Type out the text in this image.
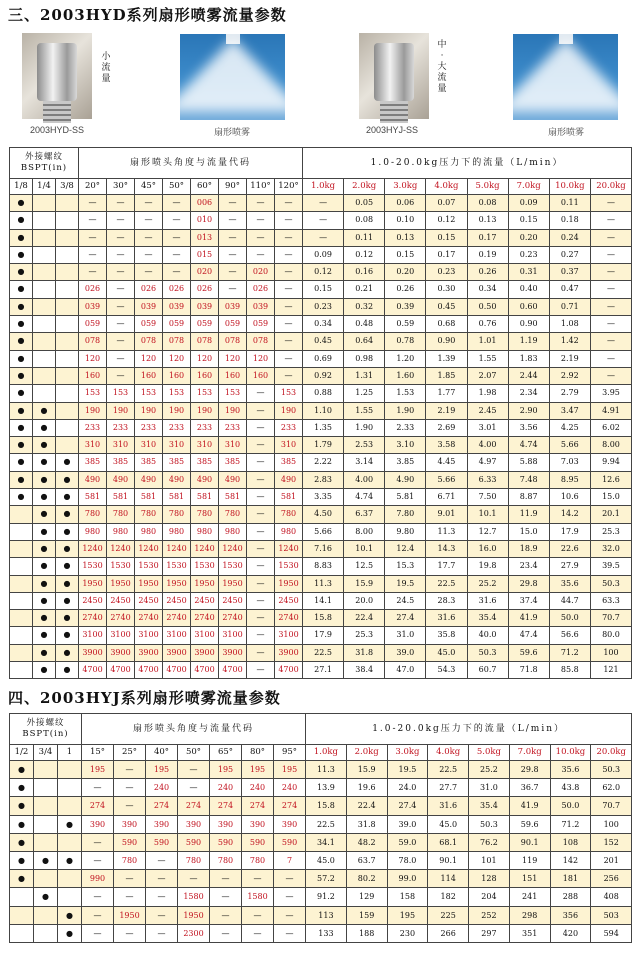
三、2003HYD系列扇形喷雾流量参数
小
流
量
2003HYD-SS	扇形喷雾
中
·
大
流
量
2003HYJ-SS	扇形喷雾
外接螺纹
BSPT(in)			扇形喷头角度与流量代码								1.0-20.0kg压力下的流量（L/min）							
1/8	1/4	3/8	20°	30°	45°	50°	60°	90°	110°	120°	1.0kg	2.0kg	3.0kg	4.0kg	5.0kg	7.0kg	10.0kg	20.0kg
●			—	—	—	—	006	—	—	—	—	0.05	0.06	0.07	0.08	0.09	0.11	—
●			—	—	—	—	010	—	—	—	—	0.08	0.10	0.12	0.13	0.15	0.18	—
●			—	—	—	—	013	—	—	—	—	0.11	0.13	0.15	0.17	0.20	0.24	—
●			—	—	—	—	015	—	—	—	0.09	0.12	0.15	0.17	0.19	0.23	0.27	—
●			—	—	—	—	020	—	020	—	0.12	0.16	0.20	0.23	0.26	0.31	0.37	—
●			026	—	026	026	026	—	026	—	0.15	0.21	0.26	0.30	0.34	0.40	0.47	—
●			039	—	039	039	039	039	039	—	0.23	0.32	0.39	0.45	0.50	0.60	0.71	—
●			059	—	059	059	059	059	059	—	0.34	0.48	0.59	0.68	0.76	0.90	1.08	—
●			078	—	078	078	078	078	078	—	0.45	0.64	0.78	0.90	1.01	1.19	1.42	—
●			120	—	120	120	120	120	120	—	0.69	0.98	1.20	1.39	1.55	1.83	2.19	—
●			160	—	160	160	160	160	160	—	0.92	1.31	1.60	1.85	2.07	2.44	2.92	—
●			153	153	153	153	153	153	—	153	0.88	1.25	1.53	1.77	1.98	2.34	2.79	3.95
●	●		190	190	190	190	190	190	—	190	1.10	1.55	1.90	2.19	2.45	2.90	3.47	4.91
●	●		233	233	233	233	233	233	—	233	1.35	1.90	2.33	2.69	3.01	3.56	4.25	6.02
●	●		310	310	310	310	310	310	—	310	1.79	2.53	3.10	3.58	4.00	4.74	5.66	8.00
●	●	●	385	385	385	385	385	385	—	385	2.22	3.14	3.85	4.45	4.97	5.88	7.03	9.94
●	●	●	490	490	490	490	490	490	—	490	2.83	4.00	4.90	5.66	6.33	7.48	8.95	12.6
●	●	●	581	581	581	581	581	581	—	581	3.35	4.74	5.81	6.71	7.50	8.87	10.6	15.0
	●	●	780	780	780	780	780	780	—	780	4.50	6.37	7.80	9.01	10.1	11.9	14.2	20.1
	●	●	980	980	980	980	980	980	—	980	5.66	8.00	9.80	11.3	12.7	15.0	17.9	25.3
	●	●	1240	1240	1240	1240	1240	1240	—	1240	7.16	10.1	12.4	14.3	16.0	18.9	22.6	32.0
	●	●	1530	1530	1530	1530	1530	1530	—	1530	8.83	12.5	15.3	17.7	19.8	23.4	27.9	39.5
	●	●	1950	1950	1950	1950	1950	1950	—	1950	11.3	15.9	19.5	22.5	25.2	29.8	35.6	50.3
	●	●	2450	2450	2450	2450	2450	2450	—	2450	14.1	20.0	24.5	28.3	31.6	37.4	44.7	63.3
	●	●	2740	2740	2740	2740	2740	2740	—	2740	15.8	22.4	27.4	31.6	35.4	41.9	50.0	70.7
	●	●	3100	3100	3100	3100	3100	3100	—	3100	17.9	25.3	31.0	35.8	40.0	47.4	56.6	80.0
	●	●	3900	3900	3900	3900	3900	3900	—	3900	22.5	31.8	39.0	45.0	50.3	59.6	71.2	100
	●	●	4700	4700	4700	4700	4700	4700	—	4700	27.1	38.4	47.0	54.3	60.7	71.8	85.8	121
四、2003HYJ系列扇形喷雾流量参数
外接螺纹
BSPT(in)			扇形喷头角度与流量代码							1.0-20.0kg压力下的流量（L/min）							
1/2	3/4	1	15°	25°	40°	50°	65°	80°	95°	1.0kg	2.0kg	3.0kg	4.0kg	5.0kg	7.0kg	10.0kg	20.0kg
●			195	—	195	—	195	195	195	11.3	15.9	19.5	22.5	25.2	29.8	35.6	50.3
●			—	—	240	—	240	240	240	13.9	19.6	24.0	27.7	31.0	36.7	43.8	62.0
●			274	—	274	274	274	274	274	15.8	22.4	27.4	31.6	35.4	41.9	50.0	70.7
●		●	390	390	390	390	390	390	390	22.5	31.8	39.0	45.0	50.3	59.6	71.2	100
●			—	590	590	590	590	590	590	34.1	48.2	59.0	68.1	76.2	90.1	108	152
●	●	●	—	780	—	780	780	780	7	45.0	63.7	78.0	90.1	101	119	142	201
●			990	—	—	—	—	—	—	57.2	80.2	99.0	114	128	151	181	256
	●		—	—	—	1580	—	1580	—	91.2	129	158	182	204	241	288	408
		●	—	1950	—	1950	—	—	—	113	159	195	225	252	298	356	503
		●	—	—	—	2300	—	—	—	133	188	230	266	297	351	420	594
